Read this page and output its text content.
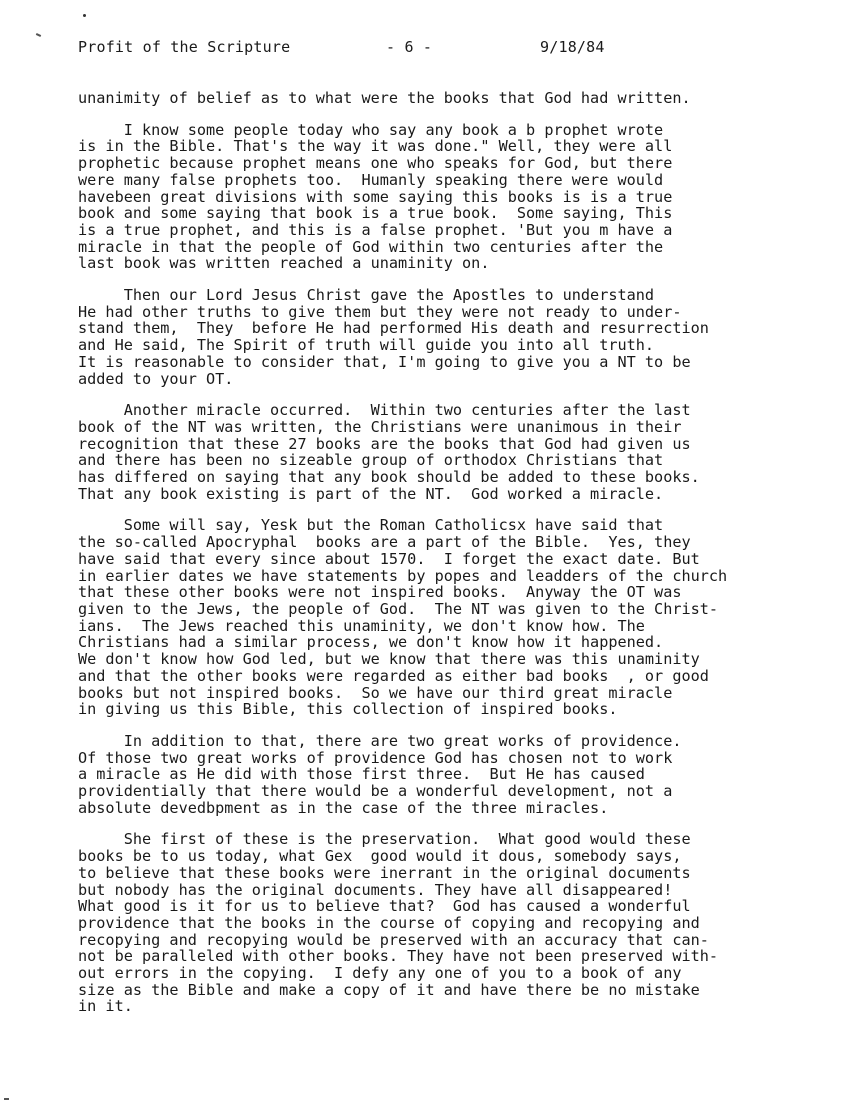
Profit of the Scripture	- 6 -	9/18/84
unanimity of belief as to what were the books that God had written.
I know some people today who say any book a b prophet wrote
is in the Bible. That's the way it was done." Well, they were all
prophetic because prophet means one who speaks for God, but there
were many false prophets too.  Humanly speaking there were would
havebeen great divisions with some saying this books is is a true
book and some saying that book is a true book.  Some saying, This
is a true prophet, and this is a false prophet. 'But you m have a
miracle in that the people of God within two centuries after the
last book was written reached a unaminity on.
Then our Lord Jesus Christ gave the Apostles to understand
He had other truths to give them but they were not ready to under-
stand them,  They  before He had performed His death and resurrection
and He said, The Spirit of truth will guide you into all truth.
It is reasonable to consider that, I'm going to give you a NT to be
added to your OT.
Another miracle occurred.  Within two centuries after the last
book of the NT was written, the Christians were unanimous in their
recognition that these 27 books are the books that God had given us
and there has been no sizeable group of orthodox Christians that
has differed on saying that any book should be added to these books.
That any book existing is part of the NT.  God worked a miracle.
Some will say, Yesk but the Roman Catholicsx have said that
the so-called Apocryphal  books are a part of the Bible.  Yes, they
have said that every since about 1570.  I forget the exact date. But
in earlier dates we have statements by popes and leadders of the church
that these other books were not inspired books.  Anyway the OT was
given to the Jews, the people of God.  The NT was given to the Christ-
ians.  The Jews reached this unaminity, we don't know how. The
Christians had a similar process, we don't know how it happened.
We don't know how God led, but we know that there was this unaminity
and that the other books were regarded as either bad books  , or good
books but not inspired books.  So we have our third great miracle
in giving us this Bible, this collection of inspired books.
In addition to that, there are two great works of providence.
Of those two great works of providence God has chosen not to work
a miracle as He did with those first three.  But He has caused
providentially that there would be a wonderful development, not a
absolute devedbpment as in the case of the three miracles.
She first of these is the preservation.  What good would these
books be to us today, what Gex  good would it dous, somebody says,
to believe that these books were inerrant in the original documents
but nobody has the original documents. They have all disappeared!
What good is it for us to believe that?  God has caused a wonderful
providence that the books in the course of copying and recopying and
recopying and recopying would be preserved with an accuracy that can-
not be paralleled with other books. They have not been preserved with-
out errors in the copying.  I defy any one of you to a book of any
size as the Bible and make a copy of it and have there be no mistake
in it.
